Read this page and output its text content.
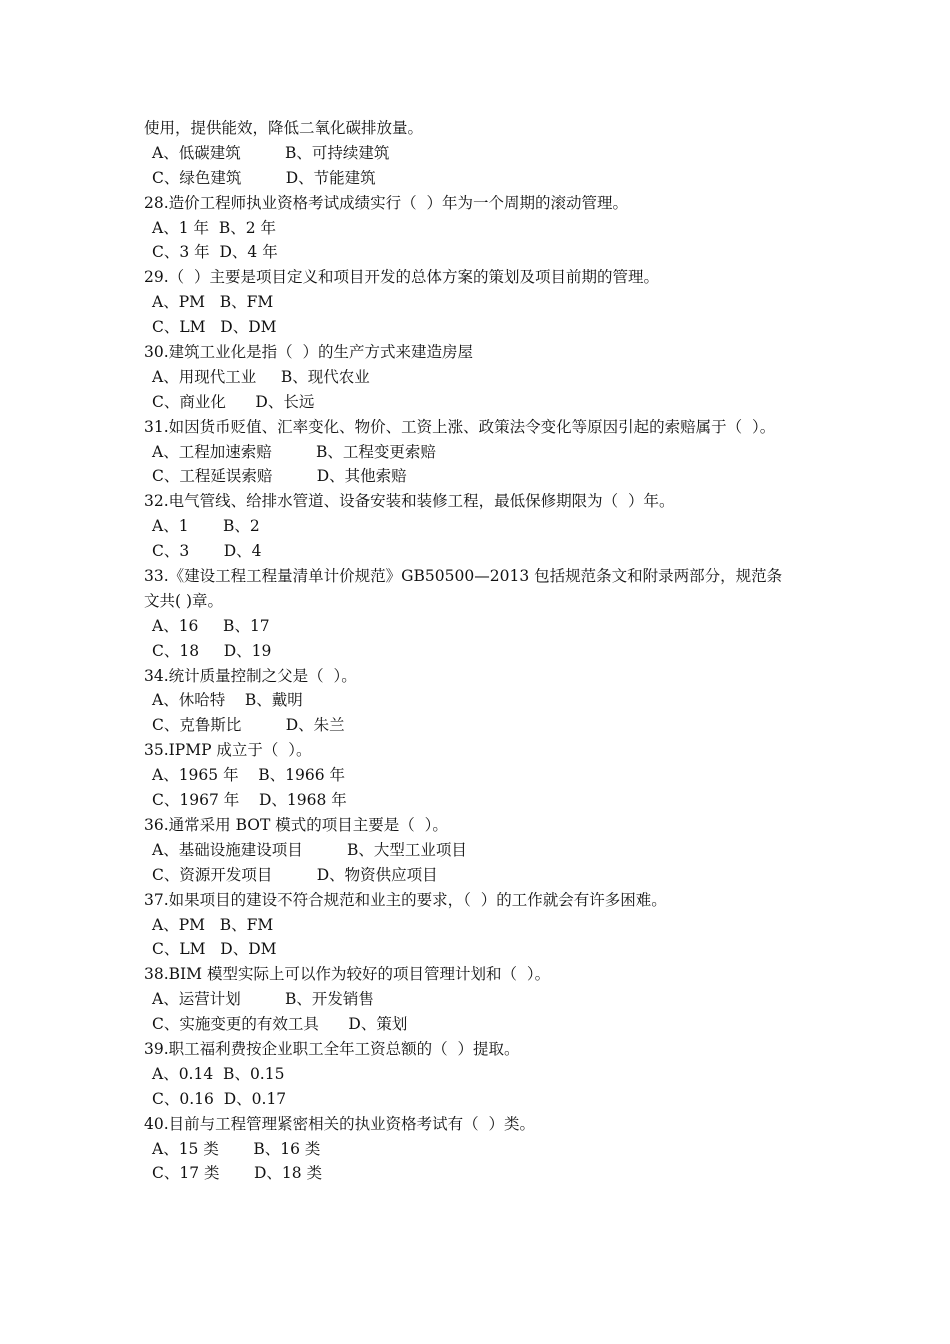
使用，提供能效，降低二氧化碳排放量。
A、低碳建筑         B、可持续建筑
C、绿色建筑         D、节能建筑
28.造价工程师执业资格考试成绩实行（  ）年为一个周期的滚动管理。
A、1 年  B、2 年
C、3 年  D、4 年
29.（  ）主要是项目定义和项目开发的总体方案的策划及项目前期的管理。
A、PM   B、FM
C、LM   D、DM
30.建筑工业化是指（  ）的生产方式来建造房屋
A、用现代工业     B、现代农业
C、商业化      D、长远
31.如因货币贬值、汇率变化、物价、工资上涨、政策法令变化等原因引起的索赔属于（  ）。
A、工程加速索赔         B、工程变更索赔
C、工程延误索赔         D、其他索赔
32.电气管线、给排水管道、设备安装和装修工程，最低保修期限为（  ）年。
A、1       B、2
C、3       D、4
33.《建设工程工程量清单计价规范》GB50500—2013 包括规范条文和附录两部分，规范条
文共( )章。
A、16     B、17
C、18     D、19
34.统计质量控制之父是（  ）。
A、休哈特    B、戴明
C、克鲁斯比         D、朱兰
35.IPMP 成立于（  ）。
A、1965 年    B、1966 年
C、1967 年    D、1968 年
36.通常采用 BOT 模式的项目主要是（  ）。
A、基础设施建设项目         B、大型工业项目
C、资源开发项目         D、物资供应项目
37.如果项目的建设不符合规范和业主的要求，（  ）的工作就会有许多困难。
A、PM   B、FM
C、LM   D、DM
38.BIM 模型实际上可以作为较好的项目管理计划和（  ）。
A、运营计划         B、开发销售
C、实施变更的有效工具      D、策划
39.职工福利费按企业职工全年工资总额的（  ）提取。
A、0.14  B、0.15
C、0.16  D、0.17
40.目前与工程管理紧密相关的执业资格考试有（  ）类。
A、15 类       B、16 类
C、17 类       D、18 类
